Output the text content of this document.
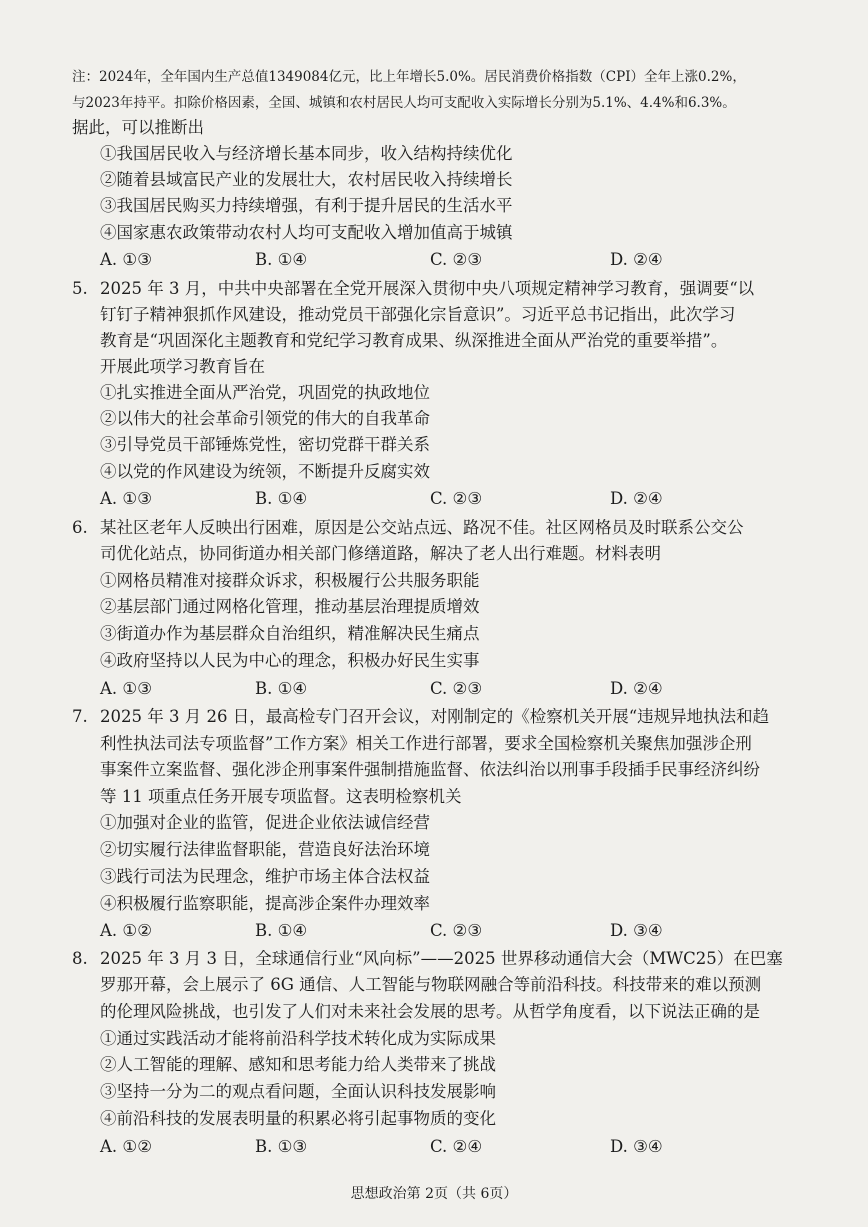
注：2024年，全年国内生产总值1349084亿元，比上年增长5.0%。居民消费价格指数（CPI）全年上涨0.2%，
与2023年持平。扣除价格因素，全国、城镇和农村居民人均可支配收入实际增长分别为5.1%、4.4%和6.3%。
据此，可以推断出
①我国居民收入与经济增长基本同步，收入结构持续优化
②随着县域富民产业的发展壮大，农村居民收入持续增长
③我国居民购买力持续增强，有利于提升居民的生活水平
④国家惠农政策带动农村人均可支配收入增加值高于城镇
A. ①③	B. ①④	C. ②③	D. ②④
5. 2025 年 3 月，中共中央部署在全党开展深入贯彻中央八项规定精神学习教育，强调要“以
钉钉子精神狠抓作风建设，推动党员干部强化宗旨意识”。习近平总书记指出，此次学习
教育是“巩固深化主题教育和党纪学习教育成果、纵深推进全面从严治党的重要举措”。
开展此项学习教育旨在
①扎实推进全面从严治党，巩固党的执政地位
②以伟大的社会革命引领党的伟大的自我革命
③引导党员干部锤炼党性，密切党群干群关系
④以党的作风建设为统领，不断提升反腐实效
A. ①③	B. ①④	C. ②③	D. ②④
6. 某社区老年人反映出行困难，原因是公交站点远、路况不佳。社区网格员及时联系公交公
司优化站点，协同街道办相关部门修缮道路，解决了老人出行难题。材料表明
①网格员精准对接群众诉求，积极履行公共服务职能
②基层部门通过网格化管理，推动基层治理提质增效
③街道办作为基层群众自治组织，精准解决民生痛点
④政府坚持以人民为中心的理念，积极办好民生实事
A. ①③	B. ①④	C. ②③	D. ②④
7. 2025 年 3 月 26 日，最高检专门召开会议，对刚制定的《检察机关开展“违规异地执法和趋
利性执法司法专项监督”工作方案》相关工作进行部署，要求全国检察机关聚焦加强涉企刑
事案件立案监督、强化涉企刑事案件强制措施监督、依法纠治以刑事手段插手民事经济纠纷
等 11 项重点任务开展专项监督。这表明检察机关
①加强对企业的监管，促进企业依法诚信经营
②切实履行法律监督职能，营造良好法治环境
③践行司法为民理念，维护市场主体合法权益
④积极履行监察职能，提高涉企案件办理效率
A. ①②	B. ①④	C. ②③	D. ③④
8. 2025 年 3 月 3 日，全球通信行业“风向标”——2025 世界移动通信大会（MWC25）在巴塞
罗那开幕，会上展示了 6G 通信、人工智能与物联网融合等前沿科技。科技带来的难以预测
的伦理风险挑战，也引发了人们对未来社会发展的思考。从哲学角度看，以下说法正确的是
①通过实践活动才能将前沿科学技术转化成为实际成果
②人工智能的理解、感知和思考能力给人类带来了挑战
③坚持一分为二的观点看问题，全面认识科技发展影响
④前沿科技的发展表明量的积累必将引起事物质的变化
A. ①②	B. ①③	C. ②④	D. ③④
思想政治第 2页（共 6页）
